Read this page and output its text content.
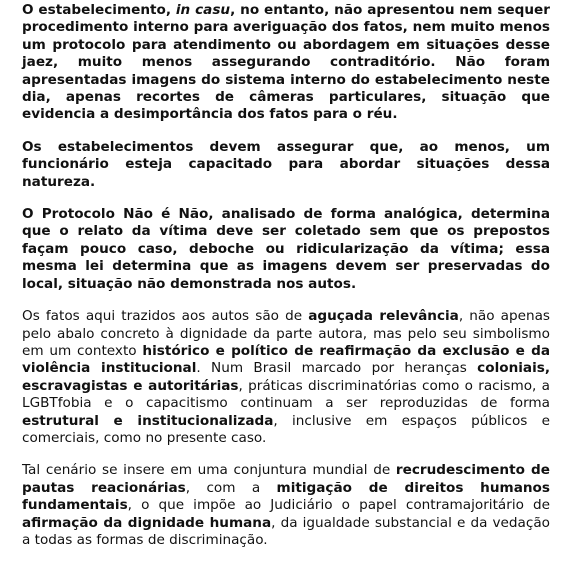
O estabelecimento, in casu, no entanto, não apresentou nem sequer procedimento interno para averiguação dos fatos, nem muito menos um protocolo para atendimento ou abordagem em situações desse jaez, muito menos assegurando contraditório. Não foram apresentadas imagens do sistema interno do estabelecimento neste dia, apenas recortes de câmeras particulares, situação que evidencia a desimportância dos fatos para o réu.

Os estabelecimentos devem assegurar que, ao menos, um funcionário esteja capacitado para abordar situações dessa natureza.

O Protocolo Não é Não, analisado de forma analógica, determina que o relato da vítima deve ser coletado sem que os prepostos façam pouco caso, deboche ou ridicularização da vítima; essa mesma lei determina que as imagens devem ser preservadas do local, situação não demonstrada nos autos.

Os fatos aqui trazidos aos autos são de aguçada relevância, não apenas pelo abalo concreto à dignidade da parte autora, mas pelo seu simbolismo em um contexto histórico e político de reafirmação da exclusão e da violência institucional. Num Brasil marcado por heranças coloniais, escravagistas e autoritárias, práticas discriminatórias como o racismo, a LGBTfobia e o capacitismo continuam a ser reproduzidas de forma estrutural e institucionalizada, inclusive em espaços públicos e comerciais, como no presente caso.

Tal cenário se insere em uma conjuntura mundial de recrudescimento de pautas reacionárias, com a mitigação de direitos humanos fundamentais, o que impõe ao Judiciário o papel contramajoritário de afirmação da dignidade humana, da igualdade substancial e da vedação a todas as formas de discriminação.
